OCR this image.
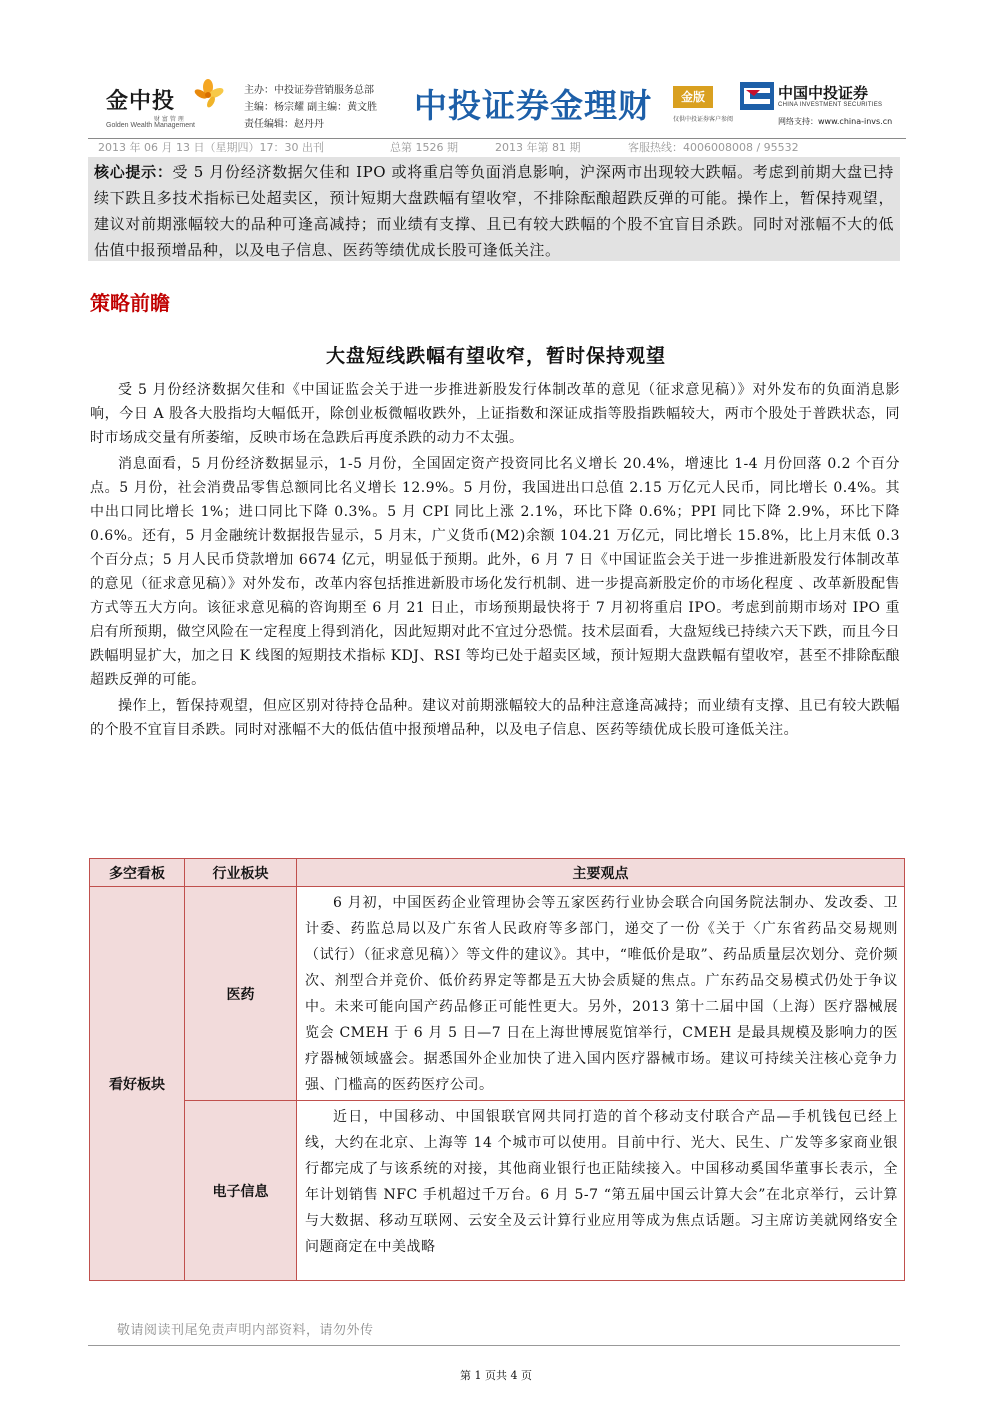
金中投
财 富 管 理
Golden Wealth Management
主办：中投证券营销服务总部
主编：杨宗耀 副主编：黄文胜
责任编辑：赵丹丹	中投证券金理财	金版
仅供中投证券客户参阅
中国中投证券
CHINA INVESTMENT SECURITIES
网络支持：www.china-invs.cn
2013 年 06 月 13 日（星期四）17：30 出刊	总第 1526 期	2013 年第 81 期	客服热线：4006008008 / 95532
核心提示：受 5 月份经济数据欠佳和 IPO 或将重启等负面消息影响，沪深两市出现较大跌幅。考虑到前期大盘已持续下跌且多技术指标已处超卖区，预计短期大盘跌幅有望收窄，不排除酝酿超跌反弹的可能。操作上，暂保持观望，建议对前期涨幅较大的品种可逢高减持；而业绩有支撑、且已有较大跌幅的个股不宜盲目杀跌。同时对涨幅不大的低估值中报预增品种，以及电子信息、医药等绩优成长股可逢低关注。
策略前瞻
大盘短线跌幅有望收窄，暂时保持观望

受 5 月份经济数据欠佳和《中国证监会关于进一步推进新股发行体制改革的意见（征求意见稿）》对外发布的负面消息影响，今日 A 股各大股指均大幅低开，除创业板微幅收跌外，上证指数和深证成指等股指跌幅较大，两市个股处于普跌状态，同时市场成交量有所萎缩，反映市场在急跌后再度杀跌的动力不太强。

消息面看，5 月份经济数据显示，1-5 月份，全国固定资产投资同比名义增长 20.4%，增速比 1-4 月份回落 0.2 个百分点。5 月份，社会消费品零售总额同比名义增长 12.9%。5 月份，我国进出口总值 2.15 万亿元人民币，同比增长 0.4%。其中出口同比增长 1%；进口同比下降 0.3%。5 月 CPI 同比上涨 2.1%，环比下降 0.6%；PPI 同比下降 2.9%，环比下降 0.6%。还有，5 月金融统计数据报告显示，5 月末，广义货币(M2)余额 104.21 万亿元，同比增长 15.8%，比上月末低 0.3 个百分点；5 月人民币贷款增加 6674 亿元，明显低于预期。此外，6 月 7 日《中国证监会关于进一步推进新股发行体制改革的意见（征求意见稿）》对外发布，改革内容包括推进新股市场化发行机制、进一步提高新股定价的市场化程度 、改革新股配售方式等五大方向。该征求意见稿的咨询期至 6 月 21 日止，市场预期最快将于 7 月初将重启 IPO。考虑到前期市场对 IPO 重启有所预期，做空风险在一定程度上得到消化，因此短期对此不宜过分恐慌。技术层面看，大盘短线已持续六天下跌，而且今日跌幅明显扩大，加之日 K 线图的短期技术指标 KDJ、RSI 等均已处于超卖区域，预计短期大盘跌幅有望收窄，甚至不排除酝酿超跌反弹的可能。

操作上，暂保持观望，但应区别对待持仓品种。建议对前期涨幅较大的品种注意逢高减持；而业绩有支撑、且已有较大跌幅的个股不宜盲目杀跌。同时对涨幅不大的低估值中报预增品种，以及电子信息、医药等绩优成长股可逢低关注。

多空看板	行业板块	主要观点
看好板块	医药	6 月初，中国医药企业管理协会等五家医药行业协会联合向国务院法制办、发改委、卫计委、药监总局以及广东省人民政府等多部门，递交了一份《关于〈广东省药品交易规则（试行）（征求意见稿）〉等文件的建议》。其中，“唯低价是取”、药品质量层次划分、竞价频次、剂型合并竞价、低价药界定等都是五大协会质疑的焦点。广东药品交易模式仍处于争议中。未来可能向国产药品修正可能性更大。另外，2013 第十二届中国（上海）医疗器械展览会 CMEH 于 6 月 5 日—7 日在上海世博展览馆举行，CMEH 是最具规模及影响力的医疗器械领域盛会。据悉国外企业加快了进入国内医疗器械市场。建议可持续关注核心竞争力强、门槛高的医药医疗公司。
	电子信息	近日，中国移动、中国银联官网共同打造的首个移动支付联合产品—手机钱包已经上线，大约在北京、上海等 14 个城市可以使用。目前中行、光大、民生、广发等多家商业银行都完成了与该系统的对接，其他商业银行也正陆续接入。中国移动奚国华董事长表示，全年计划销售 NFC 手机超过千万台。6 月 5-7 “第五届中国云计算大会”在北京举行，云计算与大数据、移动互联网、云安全及云计算行业应用等成为焦点话题。习主席访美就网络安全问题商定在中美战略
敬请阅读刊尾免责声明内部资料，请勿外传
第 1 页共 4 页
